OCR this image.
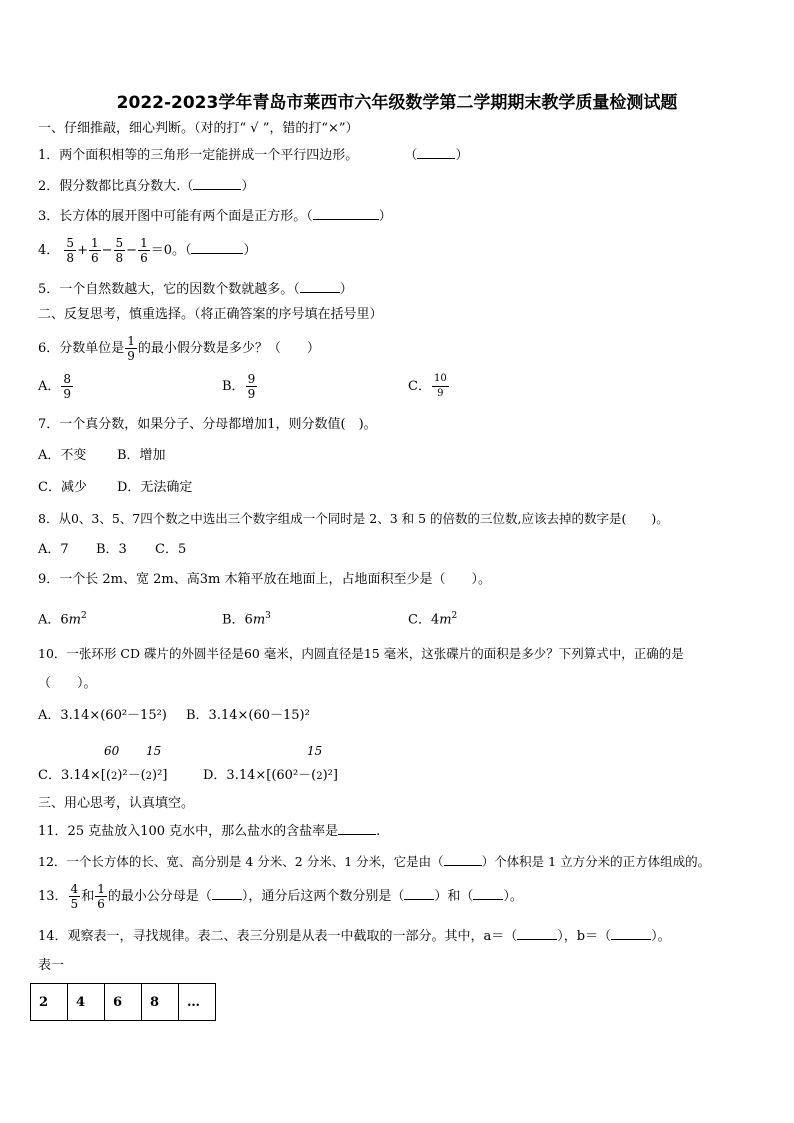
2022-2023学年青岛市莱西市六年级数学第二学期期末教学质量检测试题
一、仔细推敲，细心判断。（对的打“ √ ”，错的打“×”）
1．两个面积相等的三角形一定能拼成一个平行四边形。	（	）
2．假分数都比真分数大.（	）
3．长方体的展开图中可能有两个面是正方形。（	）
4． $\frac{5}{8} + \frac{1}{6} - \frac{5}{8} - \frac{1}{6} =0$。（	）
5．一个自然数越大，它的因数个数就越多。（	）
二、反复思考，慎重选择。（将正确答案的序号填在括号里）
6．分数单位是 $\frac{1}{9}$ 的最小假分数是多少？（　　）
A． $\frac{8}{9}$	B． $\frac{9}{9}$	C． $\frac{10}{9}$
7．一个真分数，如果分子、分母都增加1，则分数值(　)。
A．不变 B．增加
C．减少 D．无法确定
8．从0、3、5、7四个数之中选出三个数字组成一个同时是 2、3 和 5 的倍数的三位数,应该去掉的数字是(　　)。
A．7 B．3 C．5
9．一个长 2m、宽 2m、高3m 木箱平放在地面上，占地面积至少是（　　）。
A．$6m^2$	B．$6m^3$	C．$4m^2$
10．一张环形 CD 碟片的外圆半径是60 毫米，内圆直径是15 毫米，这张碟片的面积是多少？下列算式中，正确的是
（　　）。
A．3.14×(60²－15²) B．3.14×(60－15)²
60 15	15
C．3.14×[(2)²－(2)²]	D．3.14×[(60²－(2)²]
三、用心思考，认真填空。
11．25 克盐放入100 克水中，那么盐水的含盐率是	.
12．一个长方体的长、宽、高分别是 4 分米、2 分米、1 分米，它是由（	）个体积是 1 立方分米的正方体组成的。
13． $\frac{4}{5}$ 和 $\frac{1}{6}$ 的最小公分母是（ ），通分后这两个数分别是（ ）和（ ）。
14．观察表一，寻找规律。表二、表三分别是从表一中截取的一部分。其中，a＝（	），b＝（	）。
表一
2	4	6	8	…
